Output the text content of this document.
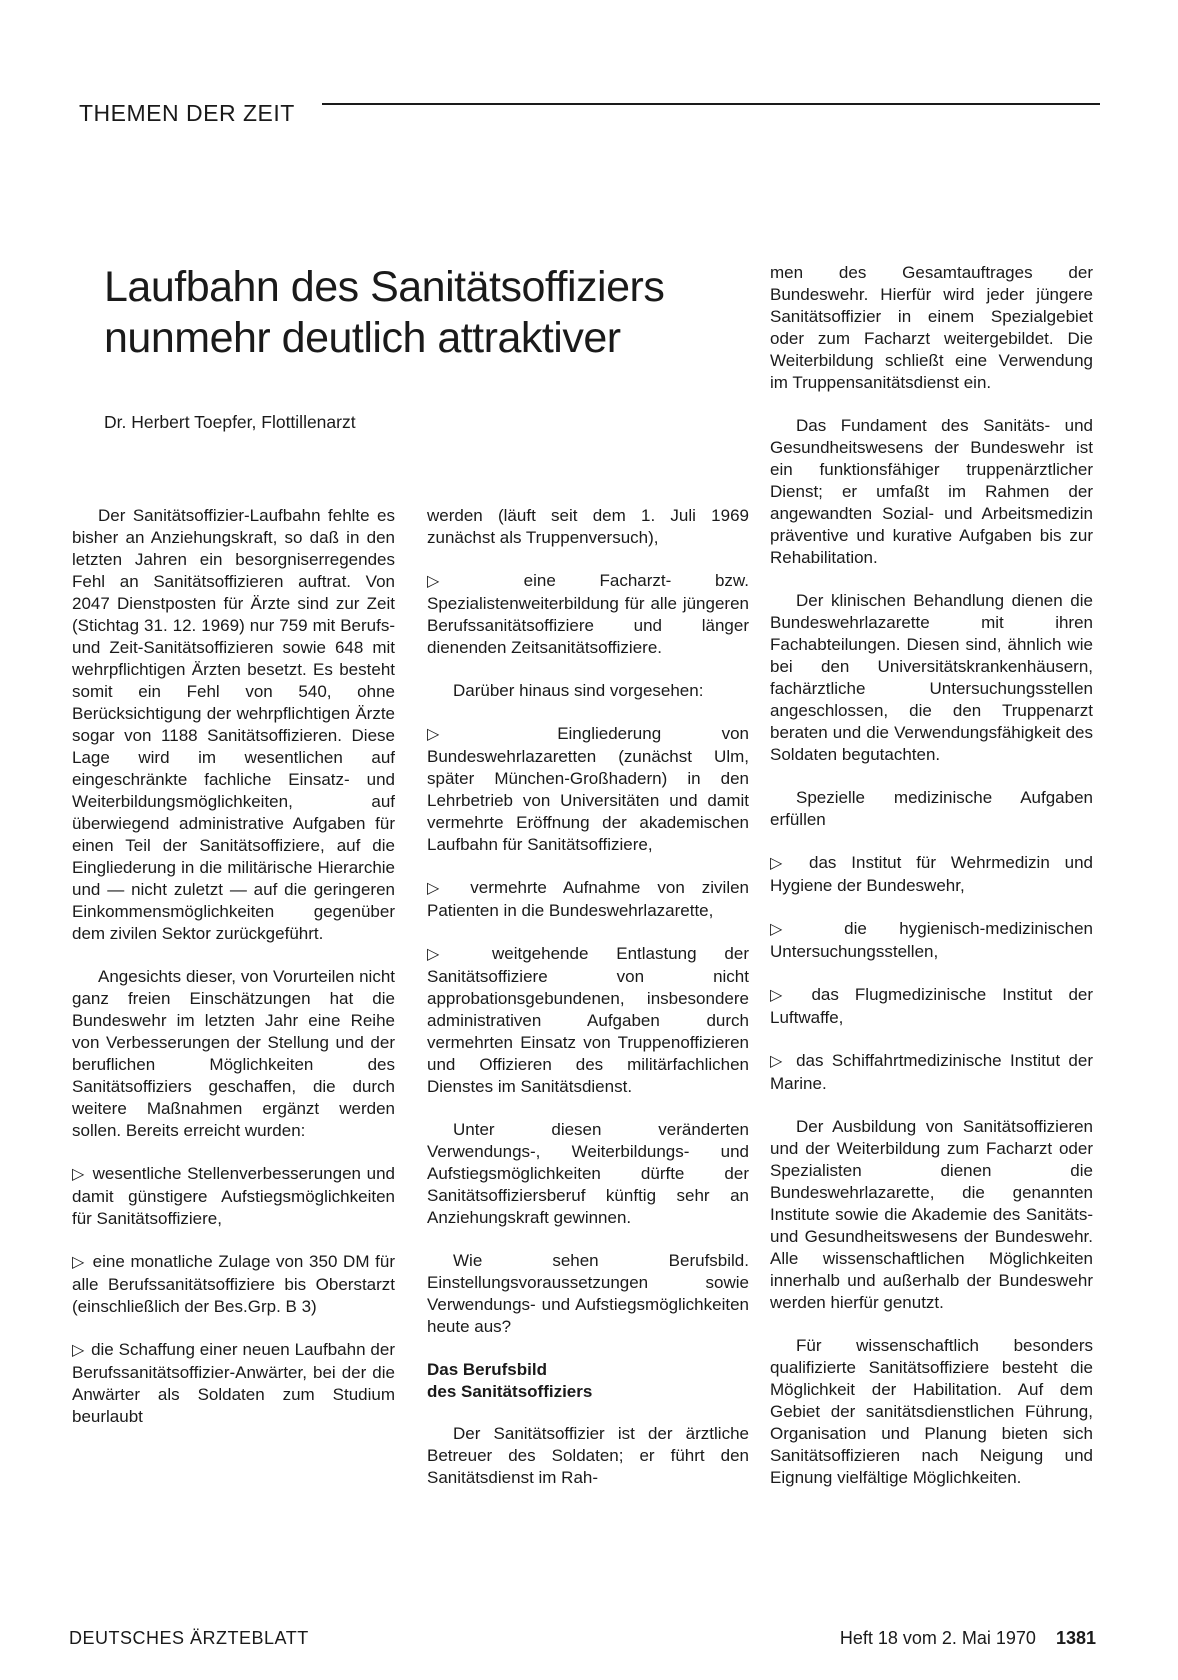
THEMEN DER ZEIT
Laufbahn des Sanitätsoffiziers
nunmehr deutlich attraktiver
Dr. Herbert Toepfer, Flottillenarzt

Der Sanitätsoffizier-Laufbahn fehlte es bisher an Anziehungskraft, so daß in den letzten Jahren ein besorgniserregendes Fehl an Sanitätsoffizieren auftrat. Von 2047 Dienstposten für Ärzte sind zur Zeit (Stichtag 31. 12. 1969) nur 759 mit Berufs- und Zeit-Sanitätsoffizieren sowie 648 mit wehrpflichtigen Ärzten besetzt. Es besteht somit ein Fehl von 540, ohne Berücksichtigung der wehrpflichtigen Ärzte sogar von 1188 Sanitätsoffizieren. Diese Lage wird im wesentlichen auf eingeschränkte fachliche Einsatz- und Weiterbildungsmöglichkeiten, auf überwiegend administrative Aufgaben für einen Teil der Sanitätsoffiziere, auf die Eingliederung in die militärische Hierarchie und — nicht zuletzt — auf die geringeren Einkommensmöglichkeiten gegenüber dem zivilen Sektor zurückgeführt.

Angesichts dieser, von Vorurteilen nicht ganz freien Einschätzungen hat die Bundeswehr im letzten Jahr eine Reihe von Verbesserungen der Stellung und der beruflichen Möglichkeiten des Sanitätsoffiziers geschaffen, die durch weitere Maßnahmen ergänzt werden sollen. Bereits erreicht wurden:

▷ wesentliche Stellenverbesserungen und damit günstigere Aufstiegsmöglichkeiten für Sanitätsoffiziere,

▷ eine monatliche Zulage von 350 DM für alle Berufssanitätsoffiziere bis Oberstarzt (einschließlich der Bes.Grp. B 3)

▷ die Schaffung einer neuen Laufbahn der Berufssanitätsoffizier-Anwärter, bei der die Anwärter als Soldaten zum Studium beurlaubt

werden (läuft seit dem 1. Juli 1969 zunächst als Truppenversuch),

▷ eine Facharzt- bzw. Spezialistenweiterbildung für alle jüngeren Berufssanitätsoffiziere und länger dienenden Zeitsanitätsoffiziere.

Darüber hinaus sind vorgesehen:

▷ Eingliederung von Bundeswehrlazaretten (zunächst Ulm, später München-Großhadern) in den Lehrbetrieb von Universitäten und damit vermehrte Eröffnung der akademischen Laufbahn für Sanitätsoffiziere,

▷ vermehrte Aufnahme von zivilen Patienten in die Bundeswehrlazarette,

▷ weitgehende Entlastung der Sanitätsoffiziere von nicht approbationsgebundenen, insbesondere administrativen Aufgaben durch vermehrten Einsatz von Truppenoffizieren und Offizieren des militärfachlichen Dienstes im Sanitätsdienst.

Unter diesen veränderten Verwendungs-, Weiterbildungs- und Aufstiegsmöglichkeiten dürfte der Sanitätsoffiziersberuf künftig sehr an Anziehungskraft gewinnen.

Wie sehen Berufsbild. Einstellungsvoraussetzungen sowie Verwendungs- und Aufstiegsmöglichkeiten heute aus?

Das Berufsbild
des Sanitätsoffiziers

Der Sanitätsoffizier ist der ärztliche Betreuer des Soldaten; er führt den Sanitätsdienst im Rah-

men des Gesamtauftrages der Bundeswehr. Hierfür wird jeder jüngere Sanitätsoffizier in einem Spezialgebiet oder zum Facharzt weitergebildet. Die Weiterbildung schließt eine Verwendung im Truppensanitätsdienst ein.

Das Fundament des Sanitäts- und Gesundheitswesens der Bundeswehr ist ein funktionsfähiger truppenärztlicher Dienst; er umfaßt im Rahmen der angewandten Sozial- und Arbeitsmedizin präventive und kurative Aufgaben bis zur Rehabilitation.

Der klinischen Behandlung dienen die Bundeswehrlazarette mit ihren Fachabteilungen. Diesen sind, ähnlich wie bei den Universitätskrankenhäusern, fachärztliche Untersuchungsstellen angeschlossen, die den Truppenarzt beraten und die Verwendungsfähigkeit des Soldaten begutachten.

Spezielle medizinische Aufgaben erfüllen

▷ das Institut für Wehrmedizin und Hygiene der Bundeswehr,

▷ die hygienisch-medizinischen Untersuchungsstellen,

▷ das Flugmedizinische Institut der Luftwaffe,

▷ das Schiffahrtmedizinische Institut der Marine.

Der Ausbildung von Sanitätsoffizieren und der Weiterbildung zum Facharzt oder Spezialisten dienen die Bundeswehrlazarette, die genannten Institute sowie die Akademie des Sanitäts- und Gesundheitswesens der Bundeswehr. Alle wissenschaftlichen Möglichkeiten innerhalb und außerhalb der Bundeswehr werden hierfür genutzt.

Für wissenschaftlich besonders qualifizierte Sanitätsoffiziere besteht die Möglichkeit der Habilitation. Auf dem Gebiet der sanitätsdienstlichen Führung, Organisation und Planung bieten sich Sanitätsoffizieren nach Neigung und Eignung vielfältige Möglichkeiten.

DEUTSCHES ÄRZTEBLATT	Heft 18 vom 2. Mai 1970 1381
